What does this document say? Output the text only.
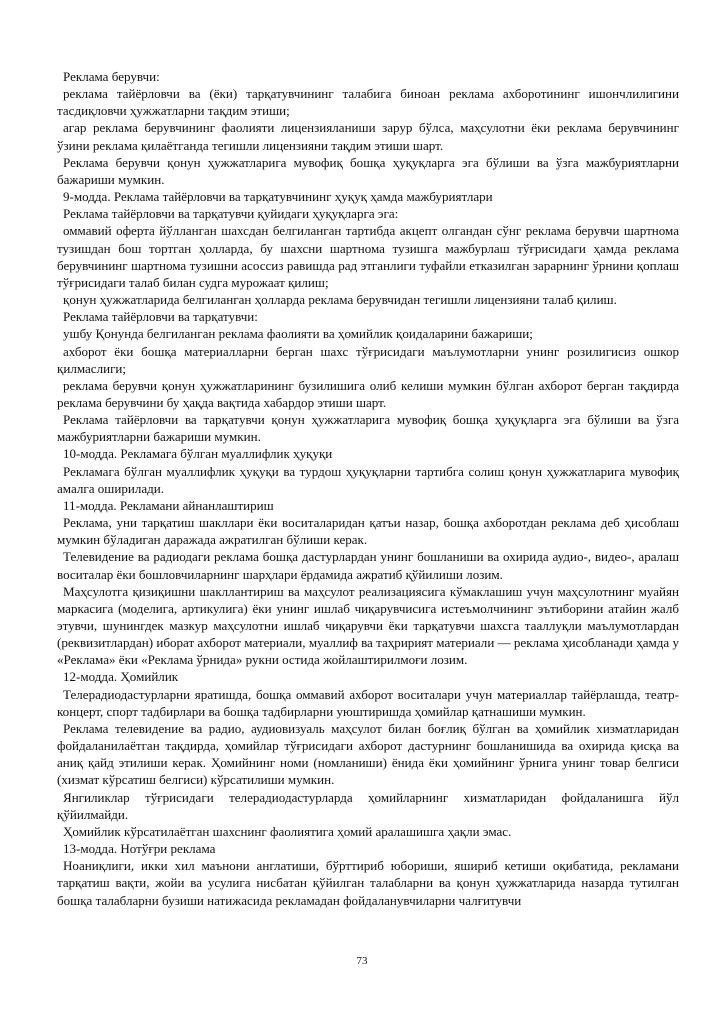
Реклама берувчи:

реклама тайёрловчи ва (ёки) тарқатувчининг талабига биноан реклама ахборотининг ишончлилигини тасдиқловчи ҳужжатларни тақдим этиши;

агар реклама берувчининг фаолияти лицензияланиши зарур бўлса, маҳсулотни ёки реклама берувчининг ўзини реклама қилаётганда тегишли лицензияни тақдим этиши шарт.

Реклама берувчи қонун ҳужжатларига мувофиқ бошқа ҳуқуқларга эга бўлиши ва ўзга мажбуриятларни бажариши мумкин.

9-модда. Реклама тайёрловчи ва тарқатувчининг ҳуқуқ ҳамда мажбуриятлари

Реклама тайёрловчи ва тарқатувчи қуйидаги ҳуқуқларга эга:

оммавий оферта йўлланган шахсдан белгиланган тартибда акцепт олгандан сўнг реклама берувчи шартнома тузишдан бош тортган ҳолларда, бу шахсни шартнома тузишга мажбурлаш тўғрисидаги ҳамда реклама берувчининг шартнома тузишни асоссиз равишда рад этганлиги туфайли етказилган зарарнинг ўрнини қоплаш тўғрисидаги талаб билан судга мурожаат қилиш;

қонун ҳужжатларида белгиланган ҳолларда реклама берувчидан тегишли лицензияни талаб қилиш.

Реклама тайёрловчи ва тарқатувчи:

ушбу Қонунда белгиланган реклама фаолияти ва ҳомийлик қоидаларини бажариши;

ахборот ёки бошқа материалларни берган шахс тўғрисидаги маълумотларни унинг розилигисиз ошкор қилмаслиги;

реклама берувчи қонун ҳужжатларининг бузилишига олиб келиши мумкин бўлган ахборот берган тақдирда реклама берувчини бу ҳақда вақтида хабардор этиши шарт.

Реклама тайёрловчи ва тарқатувчи қонун ҳужжатларига мувофиқ бошқа ҳуқуқларга эга бўлиши ва ўзга мажбуриятларни бажариши мумкин.

10-модда. Рекламага бўлган муаллифлик ҳуқуқи

Рекламага бўлган муаллифлик ҳуқуқи ва турдош ҳуқуқларни тартибга солиш қонун ҳужжатларига мувофиқ амалга оширилади.

11-модда. Рекламани айнанлаштириш

Реклама, уни тарқатиш шакллари ёки воситаларидан қатъи назар, бошқа ахборотдан реклама деб ҳисоблаш мумкин бўладиган даражада ажратилган бўлиши керак.

Телевидение ва радиодаги реклама бошқа дастурлардан унинг бошланиши ва охирида аудио-, видео-, аралаш воситалар ёки бошловчиларнинг шарҳлари ёрдамида ажратиб қўйилиши лозим.

Маҳсулотга қизиқишни шакллантириш ва маҳсулот реализациясига кўмаклашиш учун маҳсулотнинг муайян маркасига (моделига, артикулига) ёки унинг ишлаб чиқарувчисига истеъмолчининг эътиборини атайин жалб этувчи, шунингдек мазкур маҳсулотни ишлаб чиқарувчи ёки тарқатувчи шахсга тааллуқли маълумотлардан (реквизитлардан) иборат ахборот материали, муаллиф ва таҳририят материали — реклама ҳисобланади ҳамда у «Реклама» ёки «Реклама ўрнида» рукни остида жойлаштирилмоғи лозим.

12-модда. Ҳомийлик

Телерадиодастурларни яратишда, бошқа оммавий ахборот воситалари учун материаллар тайёрлашда, театр-концерт, спорт тадбирлари ва бошқа тадбирларни уюштиришда ҳомийлар қатнашиши мумкин.

Реклама телевидение ва радио, аудиовизуаль маҳсулот билан боғлиқ бўлган ва ҳомийлик хизматларидан фойдаланилаётган тақдирда, ҳомийлар тўғрисидаги ахборот дастурнинг бошланишида ва охирида қисқа ва аниқ қайд этилиши керак. Ҳомийнинг номи (номланиши) ёнида ёки ҳомийнинг ўрнига унинг товар белгиси (хизмат кўрсатиш белгиси) кўрсатилиши мумкин.

Янгиликлар тўғрисидаги телерадиодастурларда ҳомийларнинг хизматларидан фойдаланишга йўл қўйилмайди.

Ҳомийлик кўрсатилаётган шахснинг фаолиятига ҳомий аралашишга ҳақли эмас.

13-модда. Нотўғри реклама

Ноаниқлиги, икки хил маънони англатиши, бўрттириб юбориши, яшириб кетиши оқибатида, рекламани тарқатиш вақти, жойи ва усулига нисбатан қўйилган талабларни ва қонун ҳужжатларида назарда тутилган бошқа талабларни бузиши натижасида рекламадан фойдаланувчиларни чалғитувчи

73
